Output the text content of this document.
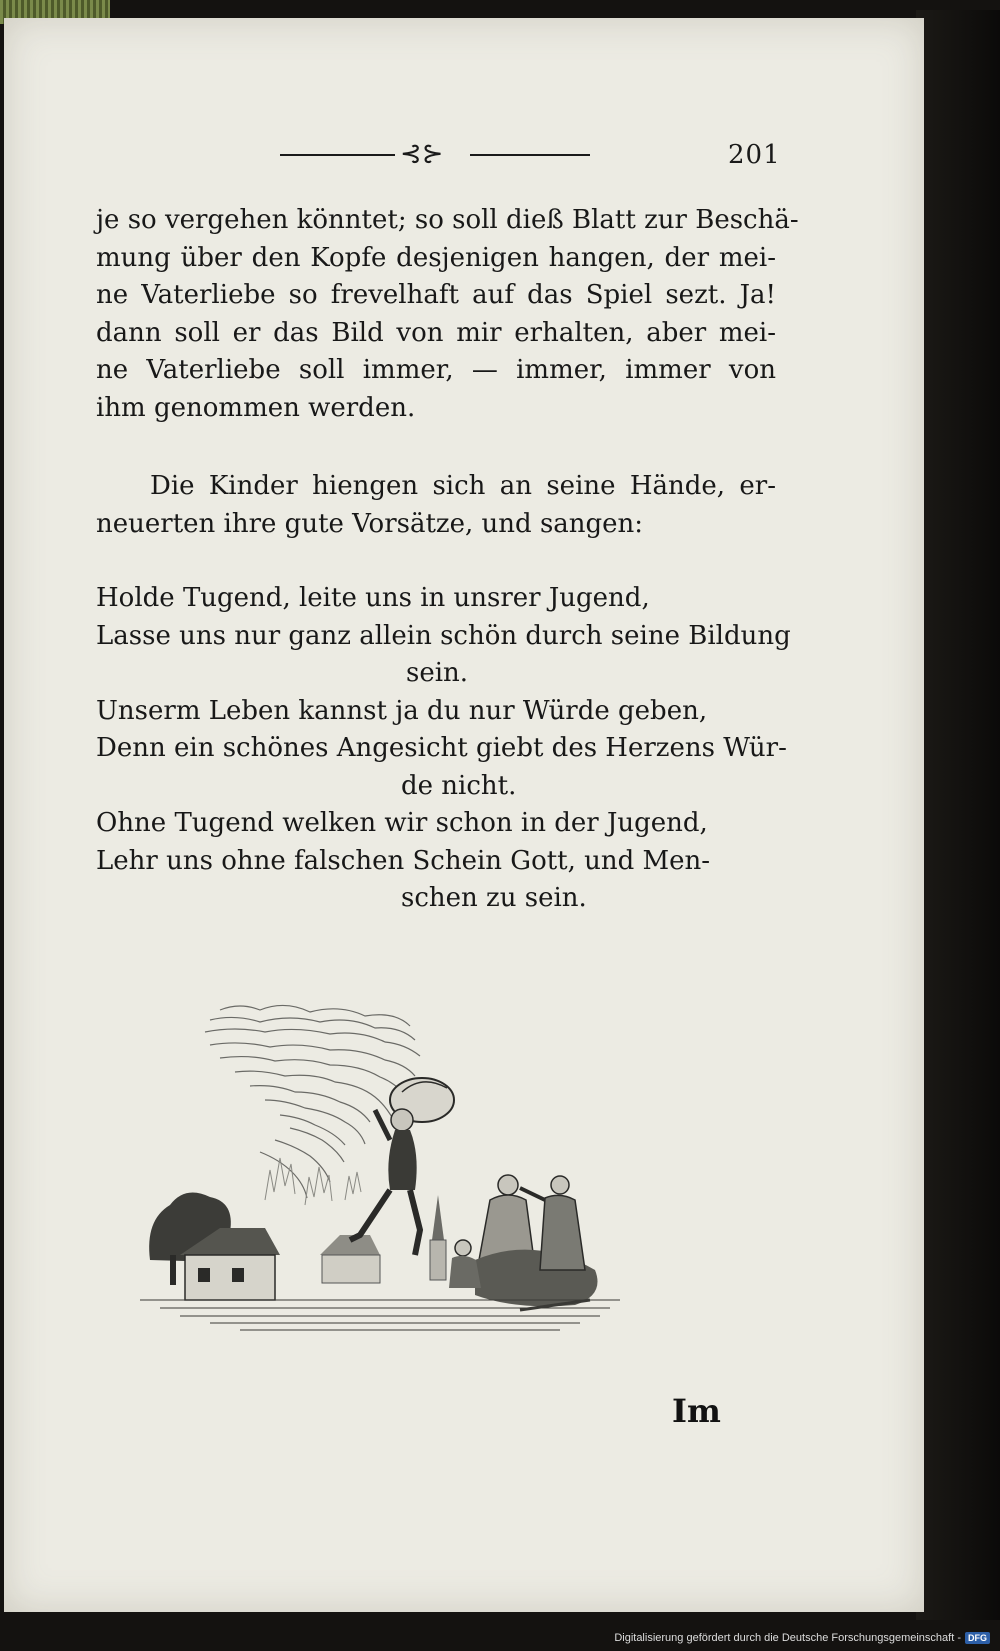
⊰⊱	201
je so vergehen könntet; so soll dieß Blatt zur Beschä-
mung über den Kopfe desjenigen hangen, der mei-
ne Vaterliebe so frevelhaft auf das Spiel sezt. Ja!
dann soll er das Bild von mir erhalten, aber mei-
ne Vaterliebe soll immer, — immer, immer von
ihm genommen werden.
Die Kinder hiengen sich an seine Hände, er-
neuerten ihre gute Vorsätze, und sangen:
Holde Tugend, leite uns in unsrer Jugend,
Lasse uns nur ganz allein schön durch seine Bildung
sein.
Unserm Leben kannst ja du nur Würde geben,
Denn ein schönes Angesicht giebt des Herzens Wür-
de nicht.
Ohne Tugend welken wir schon in der Jugend,
Lehr uns ohne falschen Schein Gott, und Men-
schen zu sein.
Im
Digitalisierung gefördert durch die Deutsche Forschungsgemeinschaft - DFG
